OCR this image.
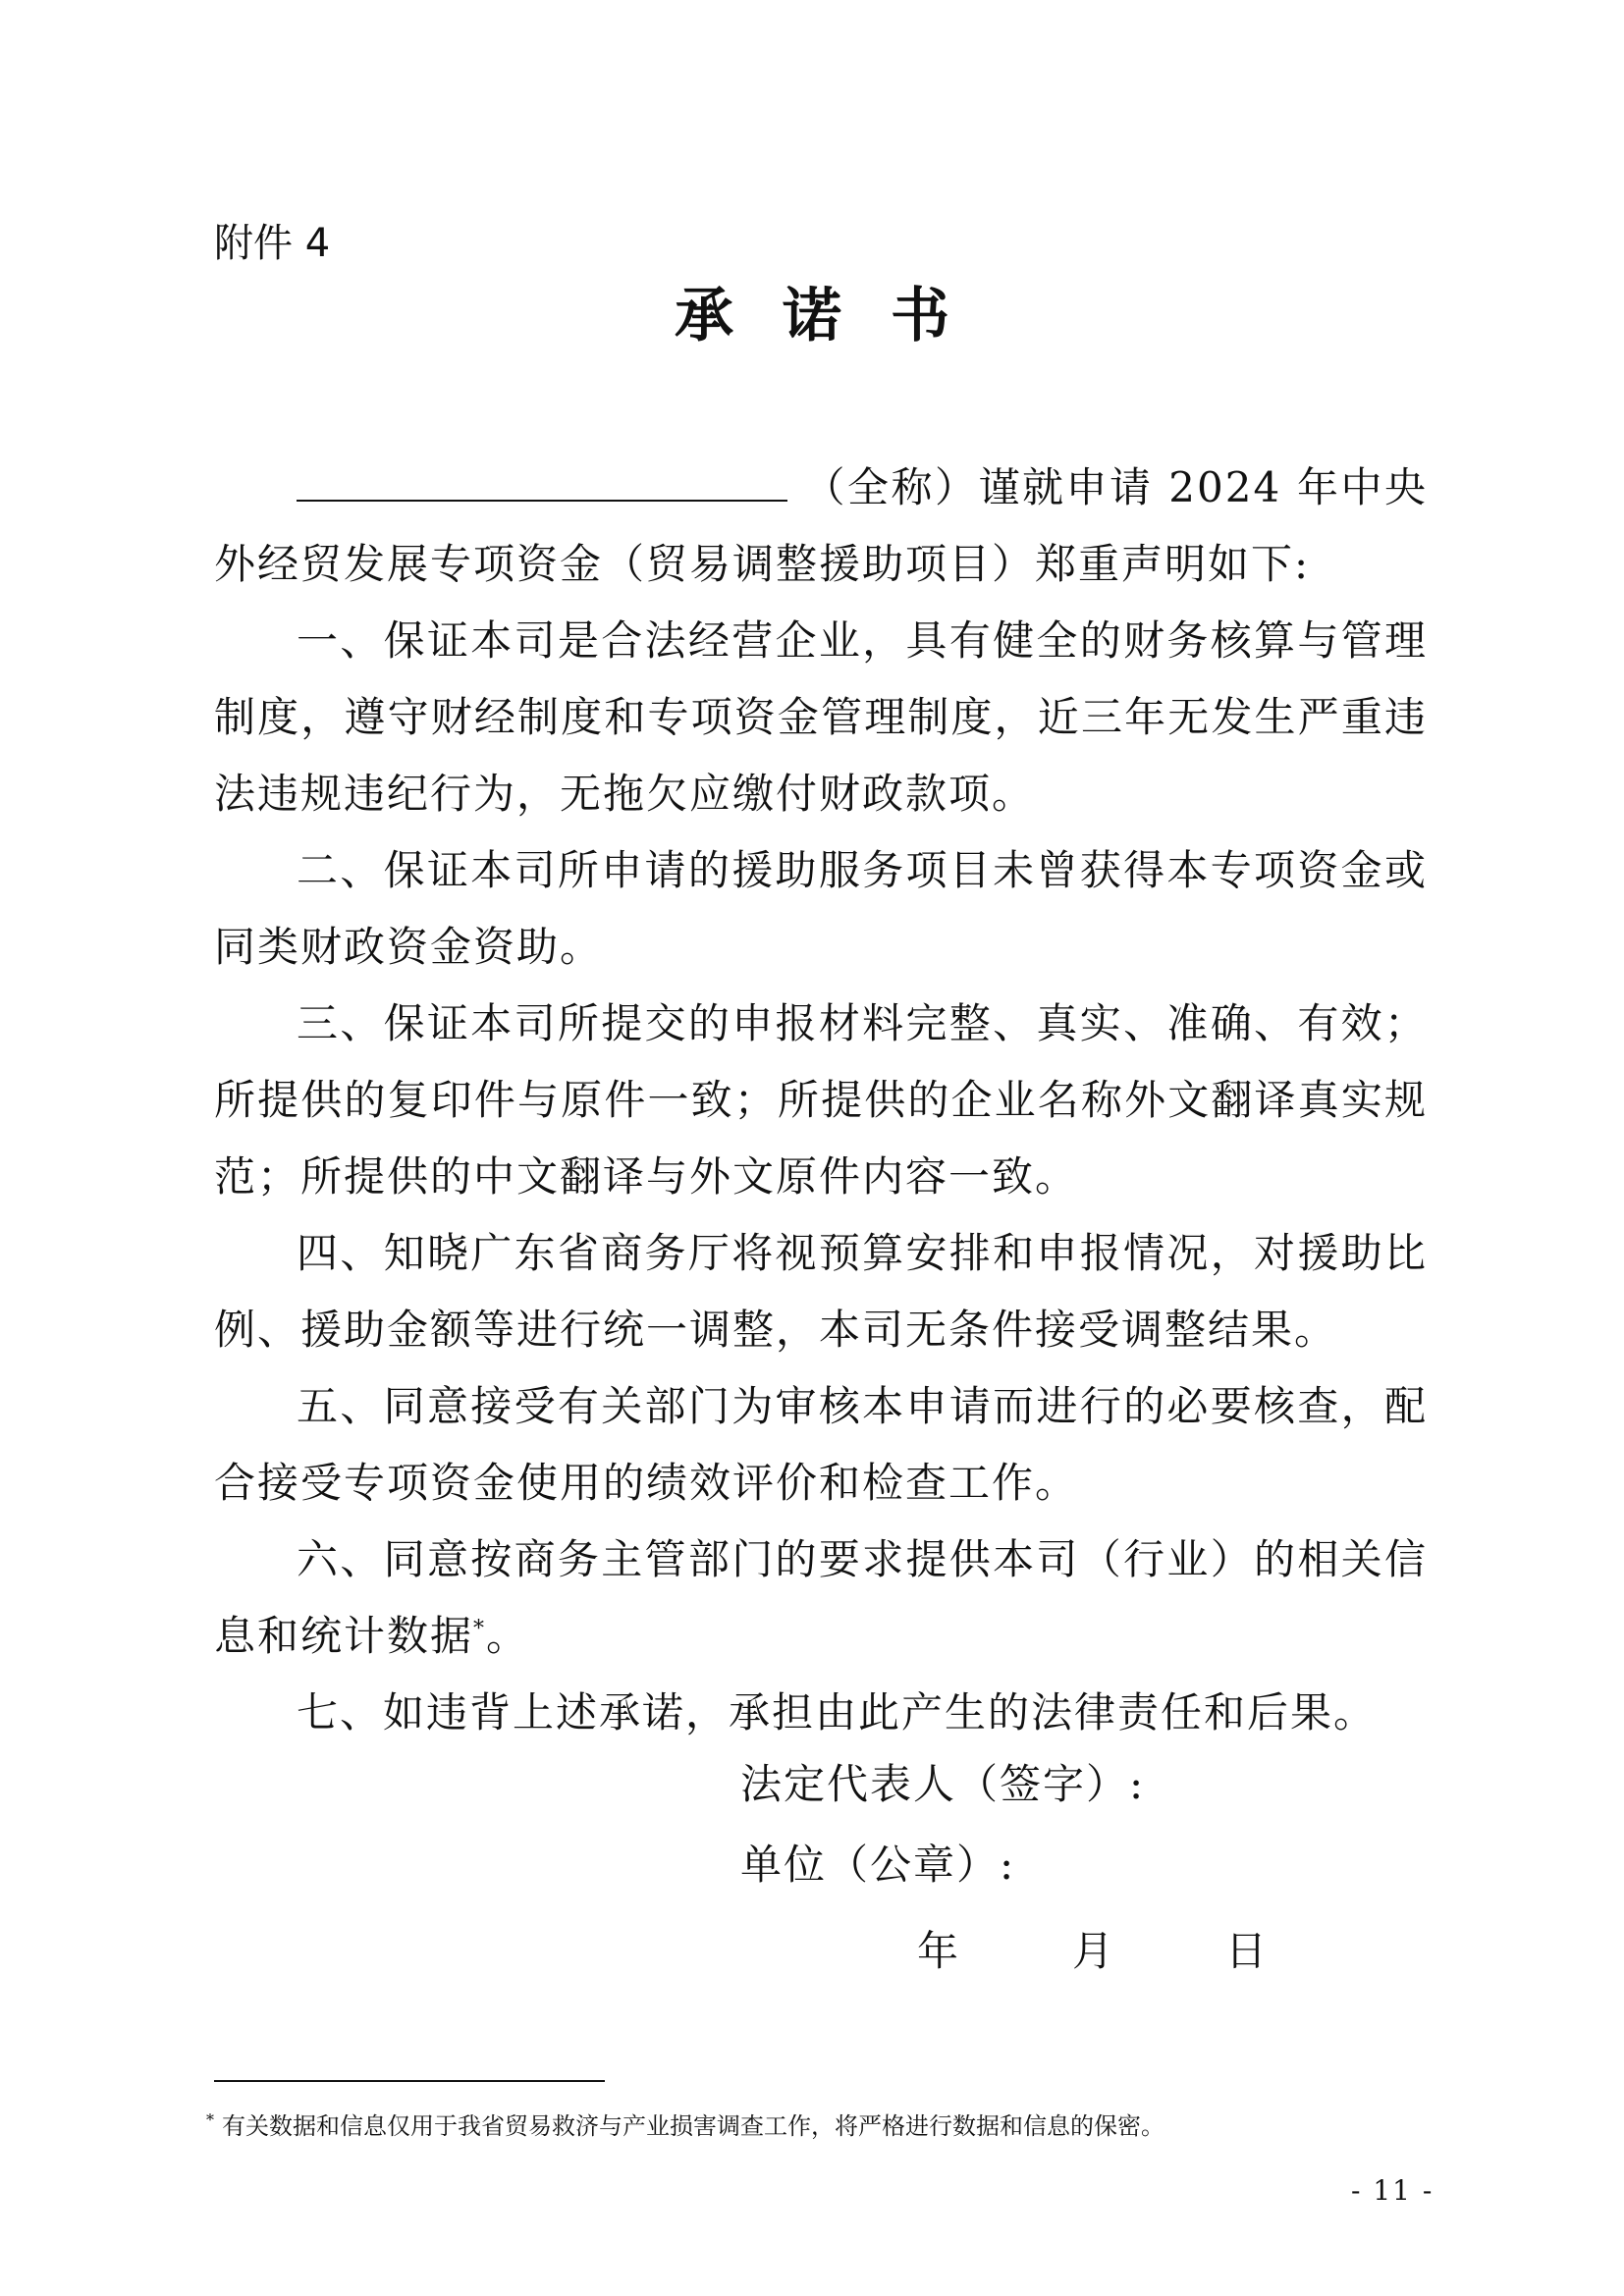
附件 4
承诺书

（全称）谨就申请 2024 年中央外经贸发展专项资金（贸易调整援助项目）郑重声明如下:

一、保证本司是合法经营企业，具有健全的财务核算与管理制度，遵守财经制度和专项资金管理制度，近三年无发生严重违法违规违纪行为，无拖欠应缴付财政款项。

二、保证本司所申请的援助服务项目未曾获得本专项资金或同类财政资金资助。

三、保证本司所提交的申报材料完整、真实、准确、有效；所提供的复印件与原件一致；所提供的企业名称外文翻译真实规范；所提供的中文翻译与外文原件内容一致。

四、知晓广东省商务厅将视预算安排和申报情况，对援助比例、援助金额等进行统一调整，本司无条件接受调整结果。

五、同意接受有关部门为审核本申请而进行的必要核查，配合接受专项资金使用的绩效评价和检查工作。

六、同意按商务主管部门的要求提供本司（行业）的相关信息和统计数据*。

七、如违背上述承诺，承担由此产生的法律责任和后果。

法定代表人（签字）:
单位（公章）:
年	月	日
* 有关数据和信息仅用于我省贸易救济与产业损害调查工作，将严格进行数据和信息的保密。
- 11 -
